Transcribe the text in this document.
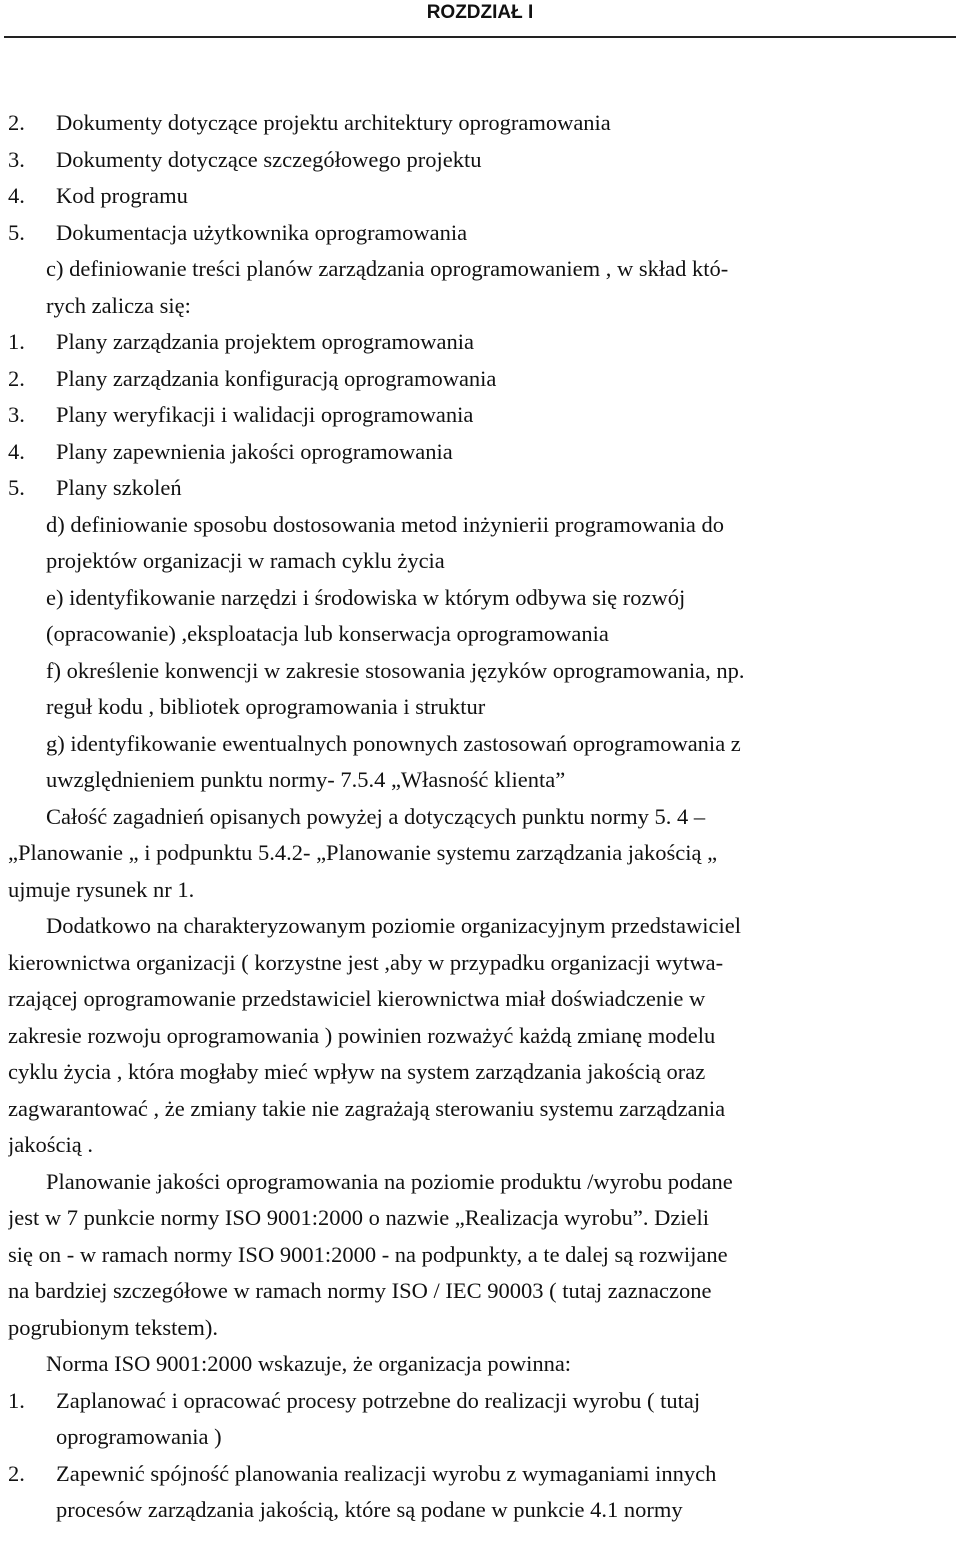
ROZDZIAŁ I
2. Dokumenty dotyczące projektu architektury oprogramowania
3. Dokumenty dotyczące szczegółowego projektu
4. Kod programu
5. Dokumentacja użytkownika oprogramowania
c) definiowanie treści planów zarządzania oprogramowaniem , w skład któ-
rych zalicza się:
1. Plany zarządzania projektem oprogramowania
2. Plany zarządzania konfiguracją oprogramowania
3. Plany weryfikacji i walidacji oprogramowania
4. Plany zapewnienia jakości oprogramowania
5. Plany szkoleń
d) definiowanie sposobu dostosowania metod inżynierii programowania do
projektów organizacji w ramach cyklu życia
e) identyfikowanie narzędzi i środowiska w którym odbywa się rozwój
(opracowanie) ,eksploatacja lub konserwacja oprogramowania
f) określenie konwencji w zakresie stosowania języków oprogramowania, np.
reguł kodu , bibliotek oprogramowania i struktur
g) identyfikowanie ewentualnych ponownych zastosowań oprogramowania z
uwzględnieniem punktu normy- 7.5.4 „Własność klienta”
Całość zagadnień opisanych powyżej a dotyczących punktu normy 5. 4 –
„Planowanie „ i podpunktu 5.4.2- „Planowanie systemu zarządzania jakością „
ujmuje rysunek nr 1.
Dodatkowo na charakteryzowanym poziomie organizacyjnym przedstawiciel
kierownictwa organizacji ( korzystne jest ,aby w przypadku organizacji wytwa-
rzającej oprogramowanie przedstawiciel kierownictwa miał doświadczenie w
zakresie rozwoju oprogramowania ) powinien rozważyć każdą zmianę modelu
cyklu życia , która mogłaby mieć wpływ na system zarządzania jakością oraz
zagwarantować , że zmiany takie nie zagrażają sterowaniu systemu zarządzania
jakością .
Planowanie jakości oprogramowania na poziomie produktu /wyrobu podane
jest w 7 punkcie normy ISO 9001:2000 o nazwie „Realizacja wyrobu”. Dzieli
się on - w ramach normy ISO 9001:2000 - na podpunkty, a te dalej są rozwijane
na bardziej szczegółowe w ramach normy ISO / IEC 90003 ( tutaj zaznaczone
pogrubionym tekstem).
Norma ISO 9001:2000 wskazuje, że organizacja powinna:
1. Zaplanować i opracować procesy potrzebne do realizacji wyrobu ( tutaj
oprogramowania )
2. Zapewnić spójność planowania realizacji wyrobu z wymaganiami innych
procesów zarządzania jakością, które są podane w punkcie 4.1 normy
